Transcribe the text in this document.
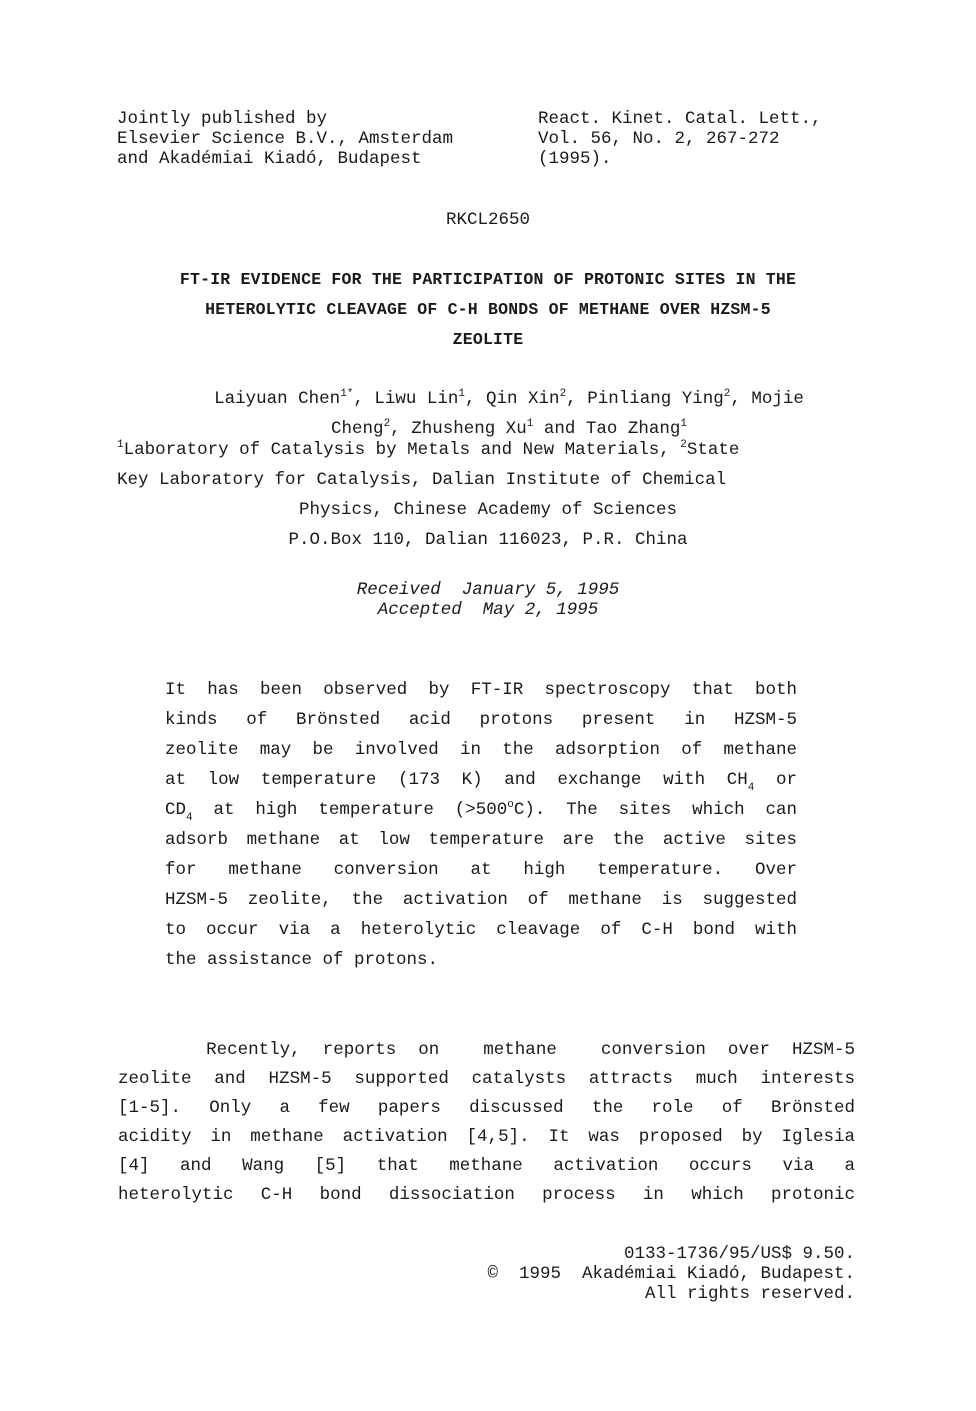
Jointly published by
Elsevier Science B.V., Amsterdam
and Akadémiai Kiadó, Budapest
React. Kinet. Catal. Lett.,
Vol. 56, No. 2, 267-272
(1995).
RKCL2650
FT-IR EVIDENCE FOR THE PARTICIPATION OF PROTONIC SITES IN THE
HETEROLYTIC CLEAVAGE OF C-H BONDS OF METHANE OVER HZSM-5
ZEOLITE

Laiyuan Chen$^{1*}$, Liwu Lin$^1$, Qin Xin$^2$, Pinliang Ying$^2$, Mojie

Cheng$^2$, Zhusheng Xu$^1$ and Tao Zhang$^1$

$^1$Laboratory of Catalysis by Metals and New Materials, $^2$State
Key Laboratory for Catalysis, Dalian Institute of Chemical
Physics, Chinese Academy of Sciences
P.O.Box 110, Dalian 116023, P.R. China
Received  January 5, 1995
Accepted  May 2, 1995
It has been observed by FT-IR spectroscopy that both
kinds of Brönsted acid protons present in HZSM-5
zeolite may be involved in the adsorption of methane
at low temperature (173 K) and exchange with $CH_4$ or
$CD_4$ at high temperature $(>500^oC)$. The sites which can
adsorb methane at low temperature are the active sites
for methane conversion at high temperature. Over
HZSM-5 zeolite, the activation of methane is suggested
to occur via a heterolytic cleavage of C-H bond with
the assistance of protons.
Recently, reports on  methane  conversion over HZSM-5
zeolite and HZSM-5 supported catalysts attracts much interests
[1-5]. Only a few papers discussed the role of Brönsted
acidity in methane activation [4,5]. It was proposed by Iglesia
[4] and Wang [5] that methane activation occurs via a
heterolytic C-H bond dissociation process in which protonic
0133-1736/95/US$ 9.50.
©  1995  Akadémiai Kiadó, Budapest.
All rights reserved.
